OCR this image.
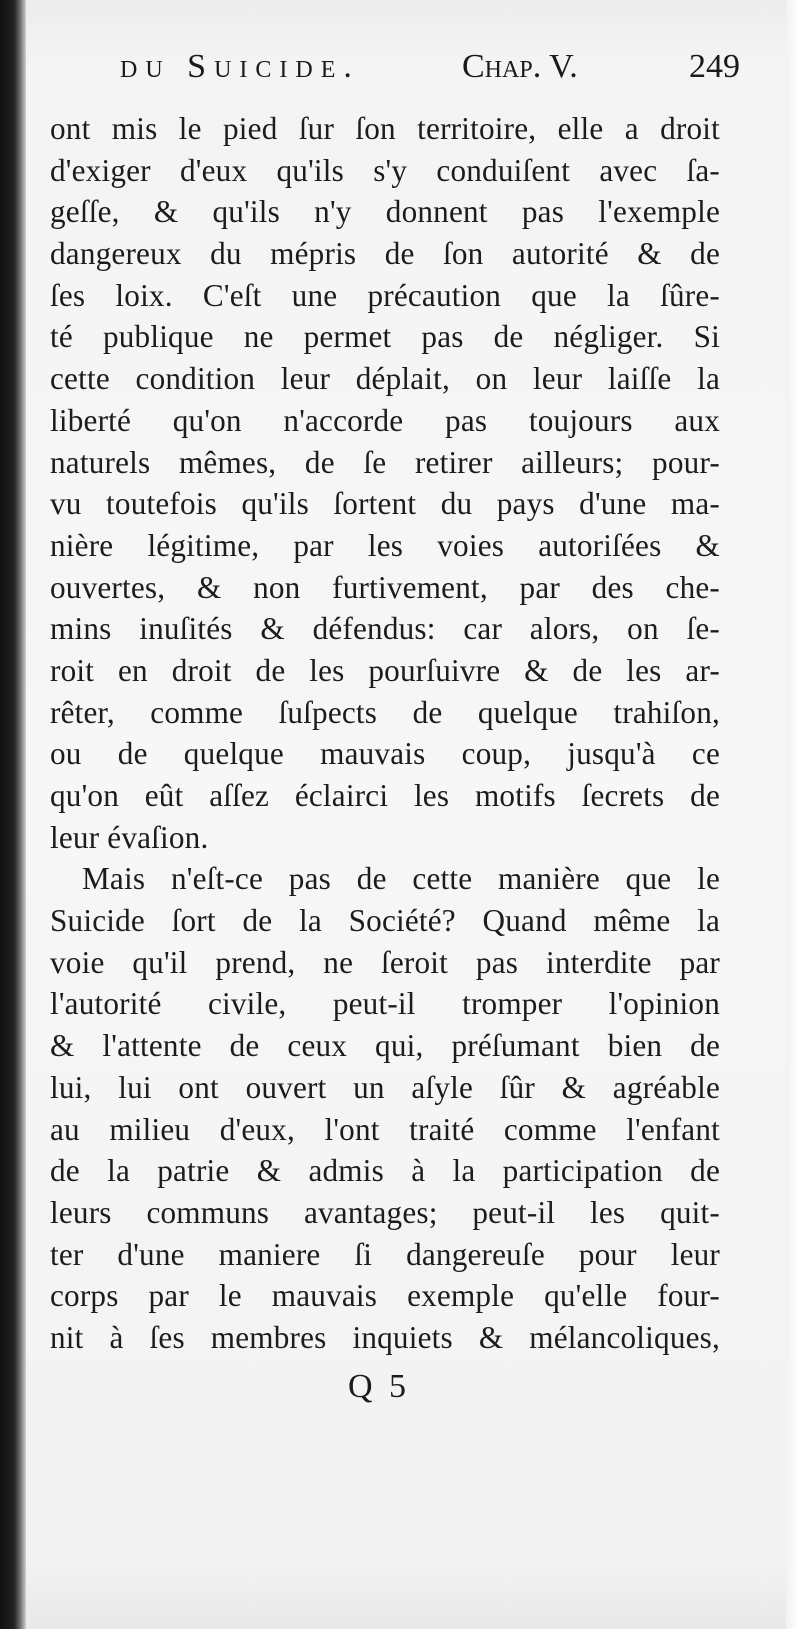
du Suicide.	Chap. V.	249
ont mis le pied ſur ſon territoire, elle a droit
d'exiger d'eux qu'ils s'y conduiſent avec ſa-
geſſe, & qu'ils n'y donnent pas l'exemple
dangereux du mépris de ſon autorité & de
ſes loix. C'eſt une précaution que la ſûre-
té publique ne permet pas de négliger. Si
cette condition leur déplait, on leur laiſſe la
liberté qu'on n'accorde pas toujours aux
naturels mêmes, de ſe retirer ailleurs; pour-
vu toutefois qu'ils ſortent du pays d'une ma-
nière légitime, par les voies autoriſées &
ouvertes, & non furtivement, par des che-
mins inuſités & défendus: car alors, on ſe-
roit en droit de les pourſuivre & de les ar-
rêter, comme ſuſpects de quelque trahiſon,
ou de quelque mauvais coup, jusqu'à ce
qu'on eût aſſez éclairci les motifs ſecrets de
leur évaſion.
Mais n'eſt-ce pas de cette manière que le
Suicide ſort de la Société? Quand même la
voie qu'il prend, ne ſeroit pas interdite par
l'autorité civile, peut-il tromper l'opinion
& l'attente de ceux qui, préſumant bien de
lui, lui ont ouvert un aſyle ſûr & agréable
au milieu d'eux, l'ont traité comme l'enfant
de la patrie & admis à la participation de
leurs communs avantages; peut-il les quit-
ter d'une maniere ſi dangereuſe pour leur
corps par le mauvais exemple qu'elle four-
nit à ſes membres inquiets & mélancoliques,
Q 5
